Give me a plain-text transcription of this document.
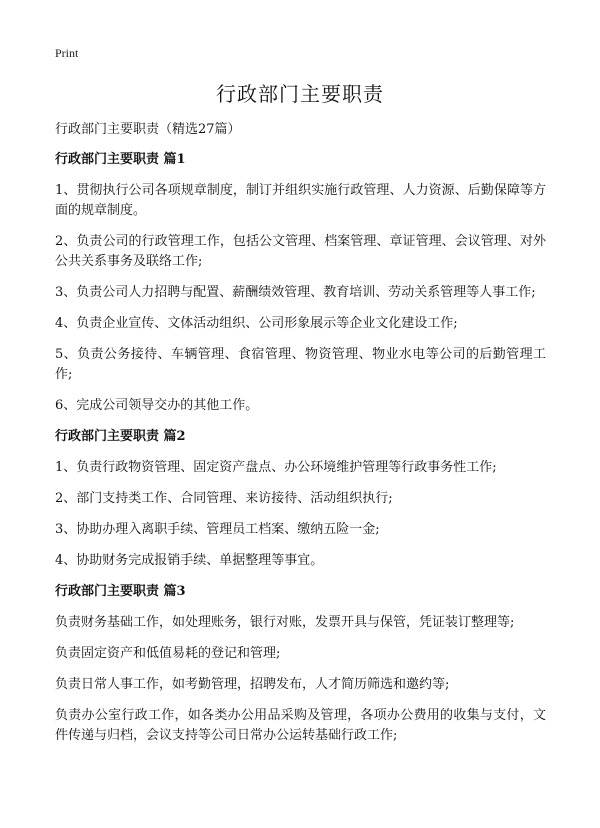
Print
行政部门主要职责

行政部门主要职责（精选27篇）

行政部门主要职责 篇1

1、贯彻执行公司各项规章制度，制订并组织实施行政管理、人力资源、后勤保障等方面的规章制度。

2、负责公司的行政管理工作，包括公文管理、档案管理、章证管理、会议管理、对外公共关系事务及联络工作;

3、负责公司人力招聘与配置、薪酬绩效管理、教育培训、劳动关系管理等人事工作;

4、负责企业宣传、文体活动组织、公司形象展示等企业文化建设工作;

5、负责公务接待、车辆管理、食宿管理、物资管理、物业水电等公司的后勤管理工作;

6、完成公司领导交办的其他工作。

行政部门主要职责 篇2

1、负责行政物资管理、固定资产盘点、办公环境维护管理等行政事务性工作;

2、部门支持类工作、合同管理、来访接待、活动组织执行;

3、协助办理入离职手续、管理员工档案、缴纳五险一金;

4、协助财务完成报销手续、单据整理等事宜。

行政部门主要职责 篇3

负责财务基础工作，如处理账务，银行对账，发票开具与保管，凭证装订整理等;

负责固定资产和低值易耗的登记和管理;

负责日常人事工作，如考勤管理，招聘发布，人才简历筛选和邀约等;

负责办公室行政工作，如各类办公用品采购及管理，各项办公费用的收集与支付，文件传递与归档，会议支持等公司日常办公运转基础行政工作;
